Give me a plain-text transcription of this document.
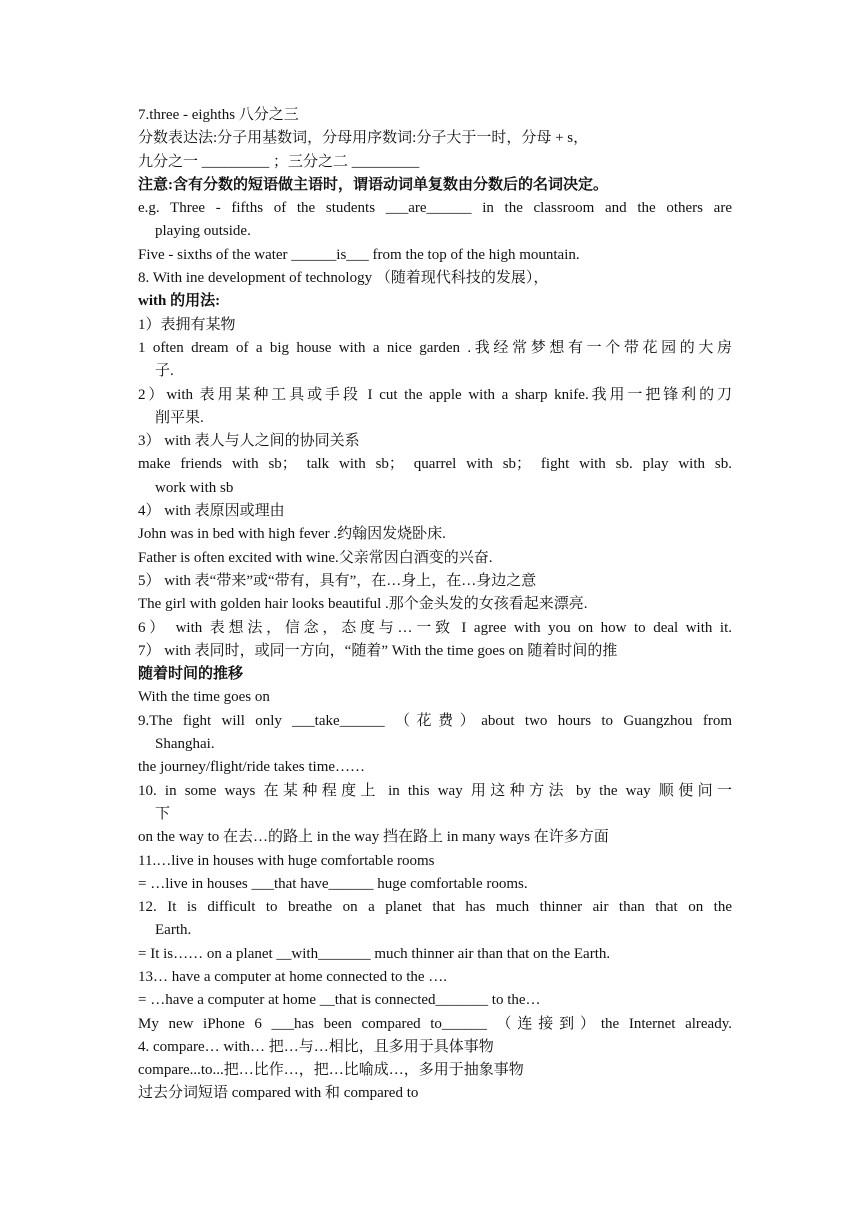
7.three - eighths 八分之三
分数表达法:分子用基数词，分母用序数词:分子大于一时，分母 + s，
九分之一 _________ ；三分之二 _________
注意:含有分数的短语做主语时，谓语动词单复数由分数后的名词决定。
e.g. Three - fifths of the students ___are______ in the classroom and the others are
playing outside.
Five - sixths of the water ______is___ from the top of the high mountain.
8. With ine development of technology （随着现代科技的发展），
with 的用法:
1）表拥有某物
1 often dream of a big house with a nice garden .我经常梦想有一个带花园的大房
子.
2）with 表用某种工具或手段 I cut the apple with a sharp knife.我用一把锋利的刀
削平果.
3） with 表人与人之间的协同关系
make friends with sb； talk with sb； quarrel with sb； fight with sb. play with sb.
work with sb
4） with 表原因或理由
John was in bed with high fever .约翰因发烧卧床.
Father is often excited with wine.父亲常因白酒变的兴奋.
5） with 表“带来”或“带有，具有”，在…身上，在…身边之意
The girl with golden hair looks beautiful .那个金头发的女孩看起来漂亮.
6） with 表想法，信念，态度与…一致 I agree with you on how to deal with it.
7） with 表同时，或同一方向，“随着” With the time goes on 随着时间的推
随着时间的推移
With the time goes on
9.The fight will only ___take______ （花费）about two hours to Guangzhou from
Shanghai.
the journey/flight/ride takes time……
10. in some ways 在某种程度上 in this way 用这种方法 by the way 顺便问一
下
on the way to 在去…的路上 in the way 挡在路上 in many ways 在许多方面
11.…live in houses with huge comfortable rooms
= …live in houses ___that have______ huge comfortable rooms.
12. It is difficult to breathe on a planet that has much thinner air than that on the
Earth.
= It is…… on a planet __with_______ much thinner air than that on the Earth.
13… have a computer at home connected to the ….
= …have a computer at home __that is connected_______ to the…
My new iPhone 6 ___has been compared to______ （连接到）the Internet already.
4. compare… with… 把…与…相比，且多用于具体事物
compare...to...把…比作…，把…比喻成…，多用于抽象事物
过去分词短语 compared with 和 compared to
